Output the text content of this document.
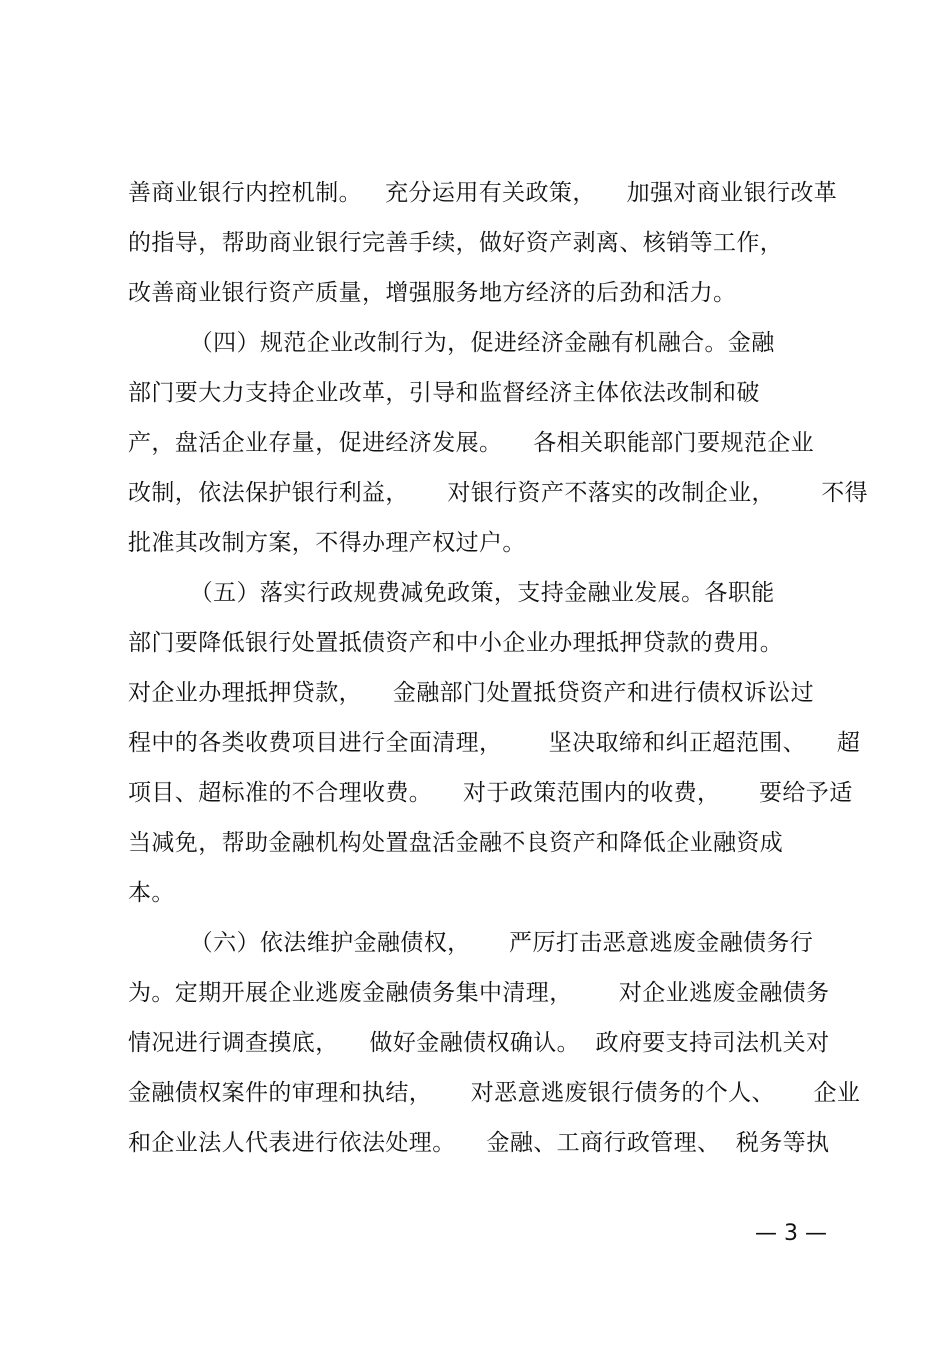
善商业银行内控机制。   充分运用有关政策，    加强对商业银行改革
的指导，帮助商业银行完善手续，做好资产剥离、核销等工作，
改善商业银行资产质量，增强服务地方经济的后劲和活力。
（四）规范企业改制行为，促进经济金融有机融合。金融
部门要大力支持企业改革，引导和监督经济主体依法改制和破
产，盘活企业存量，促进经济发展。    各相关职能部门要规范企业
改制，依法保护银行利益，     对银行资产不落实的改制企业，      不得
批准其改制方案，不得办理产权过户。
（五）落实行政规费减免政策，支持金融业发展。各职能
部门要降低银行处置抵债资产和中小企业办理抵押贷款的费用。
对企业办理抵押贷款，    金融部门处置抵贷资产和进行债权诉讼过
程中的各类收费项目进行全面清理，      坚决取缔和纠正超范围、    超
项目、超标准的不合理收费。    对于政策范围内的收费，     要给予适
当减免，帮助金融机构处置盘活金融不良资产和降低企业融资成
本。
（六）依法维护金融债权，     严厉打击恶意逃废金融债务行
为。定期开展企业逃废金融债务集中清理，      对企业逃废金融债务
情况进行调查摸底，    做好金融债权确认。  政府要支持司法机关对
金融债权案件的审理和执结，     对恶意逃废银行债务的个人、     企业
和企业法人代表进行依法处理。    金融、工商行政管理、  税务等执
— 3 —
